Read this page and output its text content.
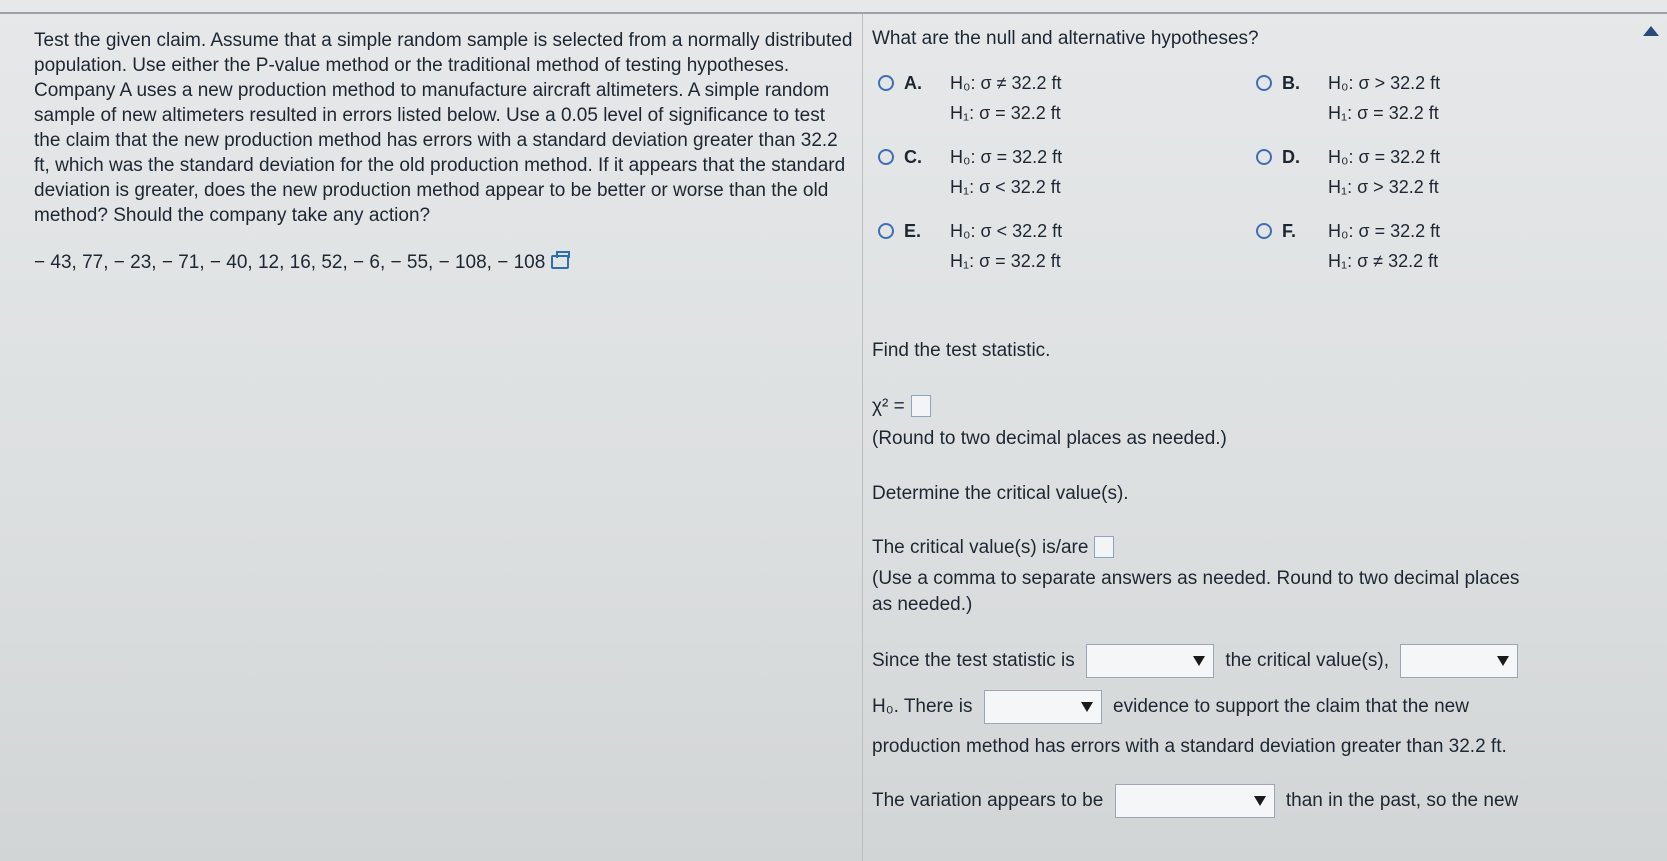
Test the given claim. Assume that a simple random sample is selected from a normally distributed population. Use either the P-value method or the traditional method of testing hypotheses.

Company A uses a new production method to manufacture aircraft altimeters. A simple random sample of new altimeters resulted in errors listed below. Use a 0.05 level of significance to test the claim that the new production method has errors with a standard deviation greater than 32.2 ft, which was the standard deviation for the old production method. If it appears that the standard deviation is greater, does the new production method appear to be better or worse than the old method? Should the company take any action?

− 43, 77, − 23, − 71, − 40, 12, 16, 52, − 6, − 55, − 108, − 108

What are the null and alternative hypotheses?

A. H₀: σ ≠ 32.2 ft
H₁: σ = 32.2 ft
B. H₀: σ > 32.2 ft
H₁: σ = 32.2 ft
C. H₀: σ = 32.2 ft
H₁: σ < 32.2 ft
D. H₀: σ = 32.2 ft
H₁: σ > 32.2 ft
E. H₀: σ < 32.2 ft
H₁: σ = 32.2 ft
F. H₀: σ = 32.2 ft
H₁: σ ≠ 32.2 ft
Find the test statistic.
χ² =
(Round to two decimal places as needed.)
Determine the critical value(s).
The critical value(s) is/are
(Use a comma to separate answers as needed. Round to two decimal places
as needed.)
Since the test statistic is	the critical value(s),
H₀. There is	evidence to support the claim that the new
production method has errors with a standard deviation greater than 32.2 ft.
The variation appears to be	than in the past, so the new
